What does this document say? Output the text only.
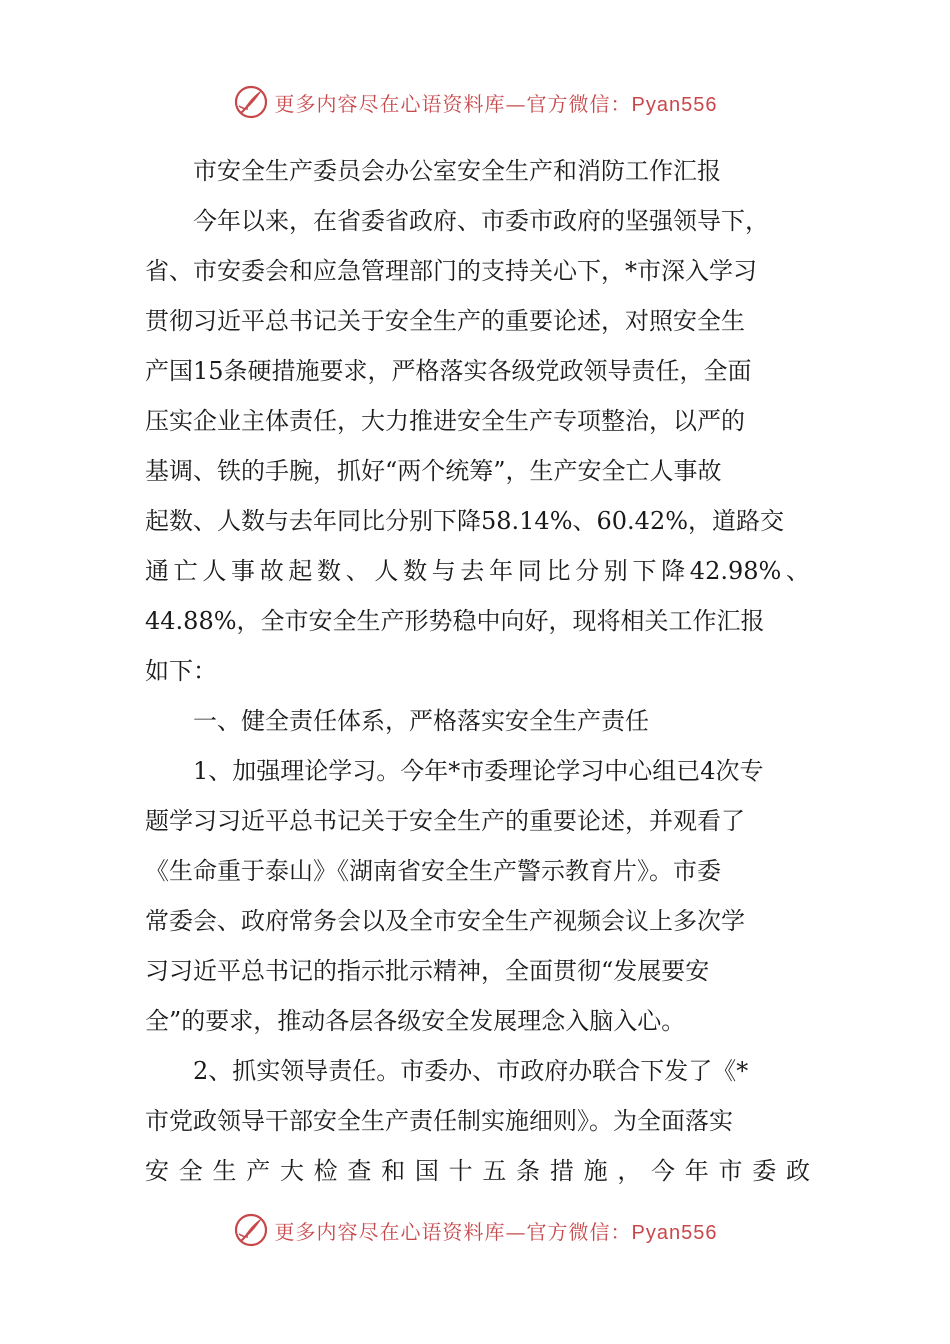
更多内容尽在心语资料库—官方微信：Pyan556
市安全生产委员会办公室安全生产和消防工作汇报
今年以来，在省委省政府、市委市政府的坚强领导下，
省、市安委会和应急管理部门的支持关心下，*市深入学习
贯彻习近平总书记关于安全生产的重要论述，对照安全生
产国15条硬措施要求，严格落实各级党政领导责任，全面
压实企业主体责任，大力推进安全生产专项整治，以严的
基调、铁的手腕，抓好“两个统筹”，生产安全亡人事故
起数、人数与去年同比分别下降58.14%、60.42%，道路交
通亡人事故起数、人数与去年同比分别下降42.98%、
44.88%，全市安全生产形势稳中向好，现将相关工作汇报
如下：
一、健全责任体系，严格落实安全生产责任
1、加强理论学习。今年*市委理论学习中心组已4次专
题学习习近平总书记关于安全生产的重要论述，并观看了
《生命重于泰山》《湖南省安全生产警示教育片》。市委
常委会、政府常务会以及全市安全生产视频会议上多次学
习习近平总书记的指示批示精神，全面贯彻“发展要安
全”的要求，推动各层各级安全发展理念入脑入心。
2、抓实领导责任。市委办、市政府办联合下发了《*
市党政领导干部安全生产责任制实施细则》。为全面落实
安全生产大检查和国十五条措施，今年市委政
更多内容尽在心语资料库—官方微信：Pyan556
